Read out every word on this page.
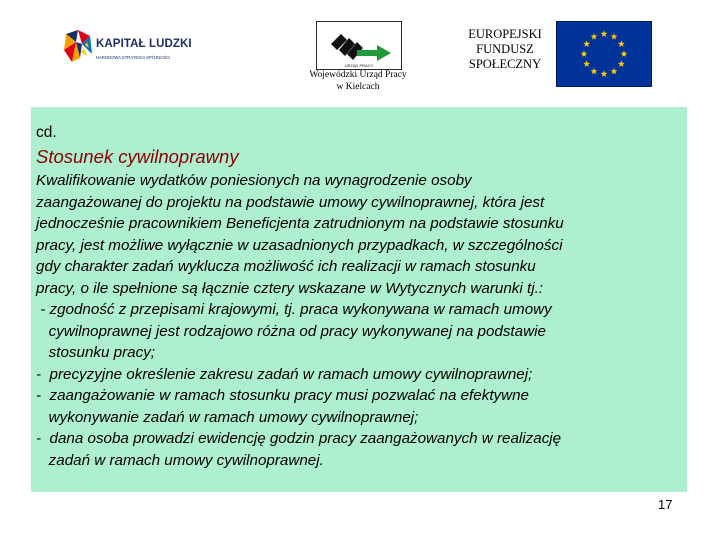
KAPITAŁ LUDZKI
NARODOWA STRATEGIA SPÓJNOŚCI
URZĄD PRACY
Wojewódzki Urząd Pracy
w Kielcach
EUROPEJSKI
FUNDUSZ
SPOŁECZNY
cd.
Stosunek cywilnoprawny
Kwalifikowanie wydatków poniesionych na wynagrodzenie osoby
zaangażowanej do projektu na podstawie umowy cywilnoprawnej, która jest
jednocześnie pracownikiem Beneficjenta zatrudnionym na podstawie stosunku
pracy, jest możliwe wyłącznie w uzasadnionych przypadkach, w szczególności
gdy charakter zadań wyklucza możliwość ich realizacji w ramach stosunku
pracy, o ile spełnione są łącznie cztery wskazane w Wytycznych warunki tj.:
- zgodność z przepisami krajowymi, tj. praca wykonywana w ramach umowy
cywilnoprawnej jest rodzajowo różna od pracy wykonywanej na podstawie
stosunku pracy;
-  precyzyjne określenie zakresu zadań w ramach umowy cywilnoprawnej;
-  zaangażowanie w ramach stosunku pracy musi pozwalać na efektywne
wykonywanie zadań w ramach umowy cywilnoprawnej;
-  dana osoba prowadzi ewidencję godzin pracy zaangażowanych w realizację
zadań w ramach umowy cywilnoprawnej.
17
